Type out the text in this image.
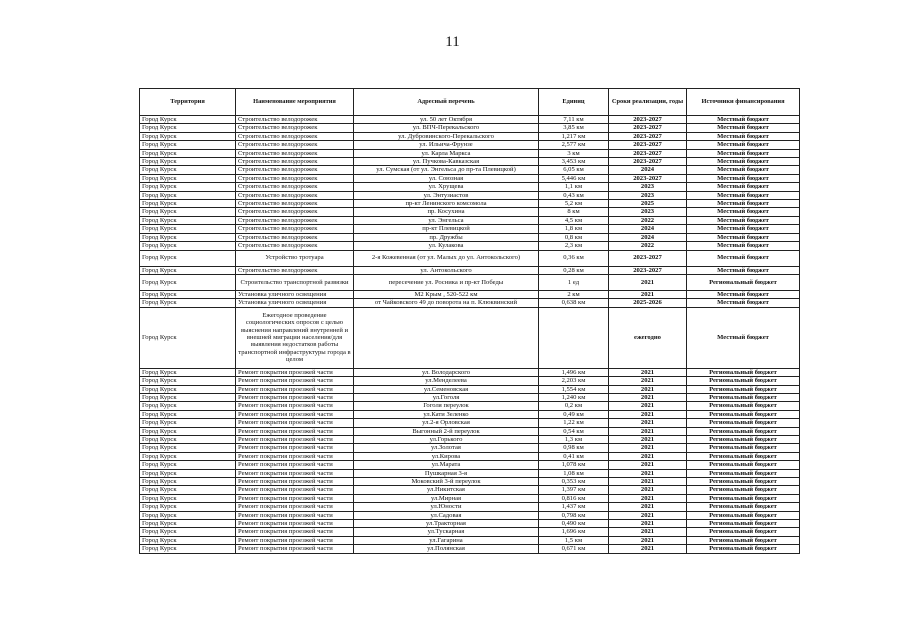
11
Территория	Наименование мероприятия	Адресный перечень	Единиц	Сроки реализации, годы	Источники финансирования
Город Курск	Строительство велодорожек	ул. 50 лет Октября	7,11 км	2023-2027	Местный бюджет
Город Курск	Строительство велодорожек	ул. ВПЧ-Перекальского	3,85 км	2023-2027	Местный бюджет
Город Курск	Строительство велодорожек	ул. Дубровинского-Перекальского	1,217 км	2023-2027	Местный бюджет
Город Курск	Строительство велодорожек	ул. Ильича-Фрунзе	2,577 км	2023-2027	Местный бюджет
Город Курск	Строительство велодорожек	ул. Карла Маркса	3 км	2023-2027	Местный бюджет
Город Курск	Строительство велодорожек	ул. Пучкова-Кавказская	3,453 км	2023-2027	Местный бюджет
Город Курск	Строительство велодорожек	ул. Сумская (от ул. Энгельса до пр-та Плевицкой)	6,05 км	2024	Местный бюджет
Город Курск	Строительство велодорожек	ул. Союзная	5,446 км	2023-2027	Местный бюджет
Город Курск	Строительство велодорожек	ул. Хрущева	1,1 км	2023	Местный бюджет
Город Курск	Строительство велодорожек	ул. Энтузиастов	0,43 км	2023	Местный бюджет
Город Курск	Строительство велодорожек	пр-кт Ленинского комсомола	5,2 км	2025	Местный бюджет
Город Курск	Строительство велодорожек	пр. Косухина	8 км	2023	Местный бюджет
Город Курск	Строительство велодорожек	ул. Энгельса	4,5 км	2022	Местный бюджет
Город Курск	Строительство велодорожек	пр-кт Плевицкой	1,8 км	2024	Местный бюджет
Город Курск	Строительство велодорожек	пр. Дружбы	0,8 км	2024	Местный бюджет
Город Курск	Строительство велодорожек	ул. Кулакова	2,3 км	2022	Местный бюджет
Город Курск	Устройство тротуара	2-я Кожевенная (от ул. Малых до ул. Антокольского)	0,36 км	2023-2027	Местный бюджет
Город Курск	Строительство велодорожек	ул. Антокольского	0,28 км	2023-2027	Местный бюджет
Город Курск	Строительство транспортной развязки	пересечение ул. Росника и пр-кт Победы	1 ед	2021	Региональный бюджет
Город Курск	Установка уличного освещения	М2 Крым , 520-522 км	2 км	2021	Местный бюджет
Город Курск	Установка уличного освещения	от Чайковского 49 до поворота на п. Клюквинский	0,638 км	2025-2026	Местный бюджет
Город Курск	Ежегодное проведение социологических опросов с целью выяснения направлений внутренней и внешней миграции населения/для выявления недостатков работы транспортной инфраструктуры города в целом			ежегодно	Местный бюджет
Город Курск	Ремонт покрытия проезжей части	ул. Володарского	1,496 км	2021	Региональный бюджет
Город Курск	Ремонт покрытия проезжей части	ул.Менделеева	2,203 км	2021	Региональный бюджет
Город Курск	Ремонт покрытия проезжей части	ул.Семеновская	1,554 км	2021	Региональный бюджет
Город Курск	Ремонт покрытия проезжей части	ул.Гоголя	1,240 км	2021	Региональный бюджет
Город Курск	Ремонт покрытия проезжей части	Гоголя переулок	0,2 км	2021	Региональный бюджет
Город Курск	Ремонт покрытия проезжей части	ул.Кати Зеленко	0,49 км	2021	Региональный бюджет
Город Курск	Ремонт покрытия проезжей части	ул.2-я Орловская	1,22 км	2021	Региональный бюджет
Город Курск	Ремонт покрытия проезжей части	Выгонный 2-й переулок	0,54 км	2021	Региональный бюджет
Город Курск	Ремонт покрытия проезжей части	ул.Горького	1,3 км	2021	Региональный бюджет
Город Курск	Ремонт покрытия проезжей части	ул.Золотая	0,98 км	2021	Региональный бюджет
Город Курск	Ремонт покрытия проезжей части	ул.Кирова	0,41 км	2021	Региональный бюджет
Город Курск	Ремонт покрытия проезжей части	ул.Марата	1,078 км	2021	Региональный бюджет
Город Курск	Ремонт покрытия проезжей части	Пушкарная 3-я	1,08 км	2021	Региональный бюджет
Город Курск	Ремонт покрытия проезжей части	Моковский 3-й переулок	0,353 км	2021	Региональный бюджет
Город Курск	Ремонт покрытия проезжей части	ул.Никитская	1,397 км	2021	Региональный бюджет
Город Курск	Ремонт покрытия проезжей части	ул.Мирная	0,816 км	2021	Региональный бюджет
Город Курск	Ремонт покрытия проезжей части	ул.Юности	1,437 км	2021	Региональный бюджет
Город Курск	Ремонт покрытия проезжей части	ул.Садовая	0,798 км	2021	Региональный бюджет
Город Курск	Ремонт покрытия проезжей части	ул.Тракторная	0,490 км	2021	Региональный бюджет
Город Курск	Ремонт покрытия проезжей части	ул.Тускарная	1,696 км	2021	Региональный бюджет
Город Курск	Ремонт покрытия проезжей части	ул.Гагарина	1,5 км	2021	Региональный бюджет
Город Курск	Ремонт покрытия проезжей части	ул.Полянская	0,671 км	2021	Региональный бюджет
